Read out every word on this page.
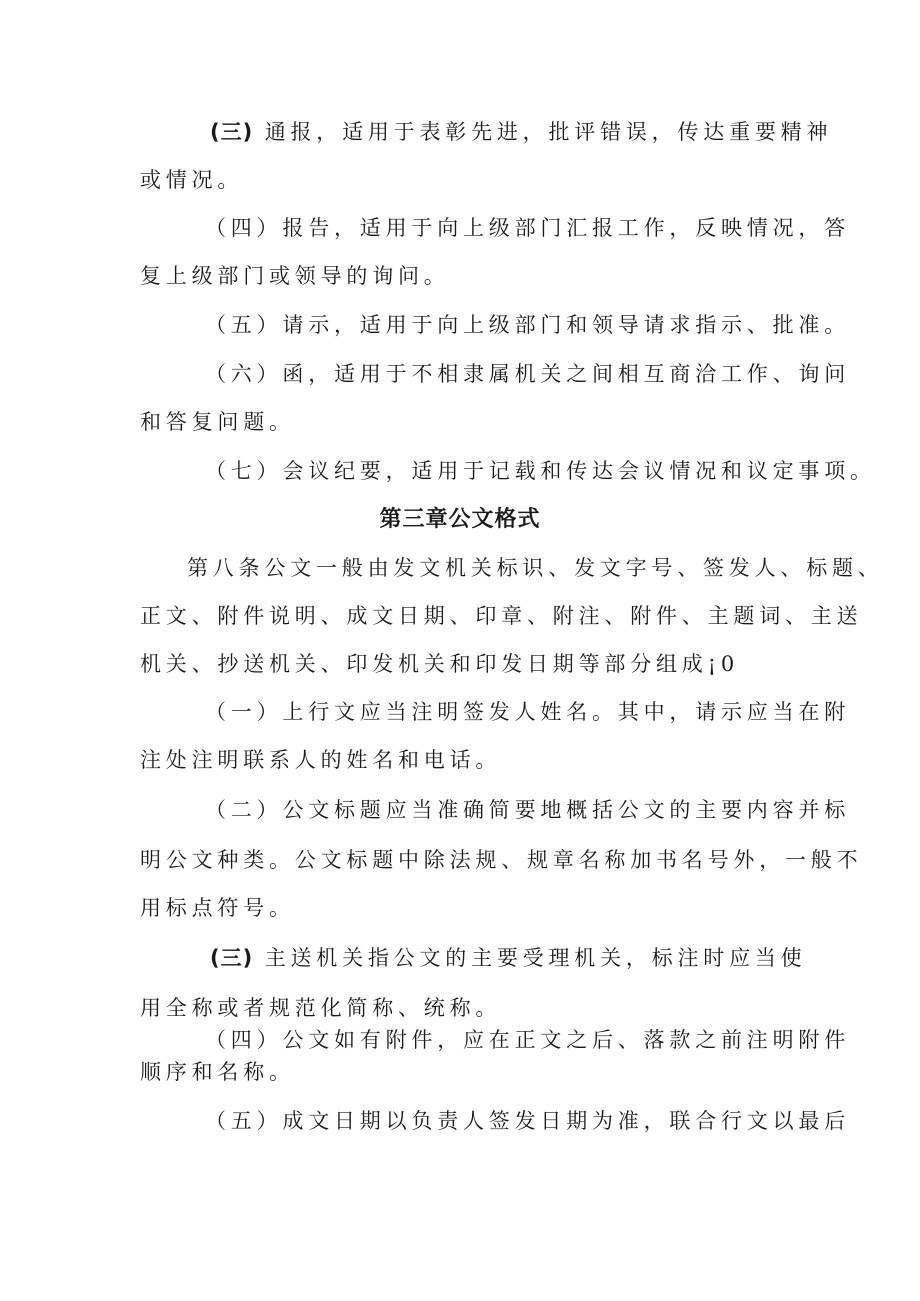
(三) 通报，适用于表彰先进，批评错误，传达重要精神
或情况。
（四）报告，适用于向上级部门汇报工作，反映情况，答
复上级部门或领导的询问。
（五）请示，适用于向上级部门和领导请求指示、批准。
（六）函，适用于不相隶属机关之间相互商洽工作、询问
和答复问题。
（七）会议纪要，适用于记载和传达会议情况和议定事项。
第三章公文格式
第八条公文一般由发文机关标识、发文字号、签发人、标题、
正文、附件说明、成文日期、印章、附注、附件、主题词、主送
机关、抄送机关、印发机关和印发日期等部分组成¡0
（一）上行文应当注明签发人姓名。其中，请示应当在附
注处注明联系人的姓名和电话。
（二）公文标题应当准确简要地概括公文的主要内容并标
明公文种类。公文标题中除法规、规章名称加书名号外，一般不
用标点符号。
(三) 主送机关指公文的主要受理机关，标注时应当使
用全称或者规范化简称、统称。
（四）公文如有附件，应在正文之后、落款之前注明附件
顺序和名称。
（五）成文日期以负责人签发日期为准，联合行文以最后
